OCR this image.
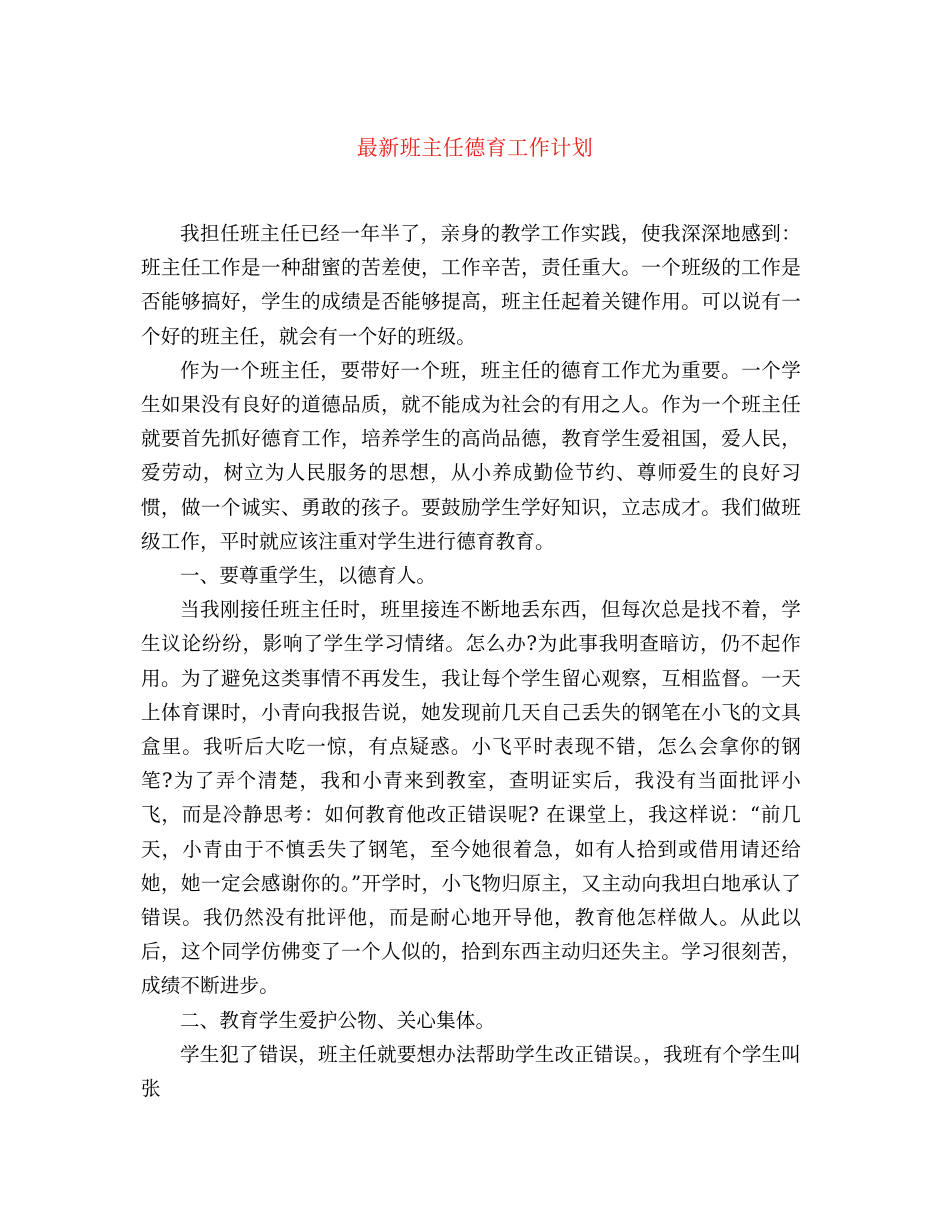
最新班主任德育工作计划

我担任班主任已经一年半了，亲身的教学工作实践，使我深深地感到：班主任工作是一种甜蜜的苦差使，工作辛苦，责任重大。一个班级的工作是否能够搞好，学生的成绩是否能够提高，班主任起着关键作用。可以说有一个好的班主任，就会有一个好的班级。

作为一个班主任，要带好一个班，班主任的德育工作尤为重要。一个学生如果没有良好的道德品质，就不能成为社会的有用之人。作为一个班主任就要首先抓好德育工作，培养学生的高尚品德，教育学生爱祖国，爱人民，爱劳动，树立为人民服务的思想，从小养成勤俭节约、尊师爱生的良好习惯，做一个诚实、勇敢的孩子。要鼓励学生学好知识，立志成才。我们做班级工作，平时就应该注重对学生进行德育教育。

一、要尊重学生，以德育人。

当我刚接任班主任时，班里接连不断地丢东西，但每次总是找不着，学生议论纷纷，影响了学生学习情绪。怎么办?为此事我明查暗访，仍不起作用。为了避免这类事情不再发生，我让每个学生留心观察，互相监督。一天上体育课时，小青向我报告说，她发现前几天自己丢失的钢笔在小飞的文具盒里。我听后大吃一惊，有点疑惑。小飞平时表现不错，怎么会拿你的钢笔?为了弄个清楚，我和小青来到教室，查明证实后，我没有当面批评小飞，而是冷静思考：如何教育他改正错误呢? 在课堂上，我这样说：“前几天，小青由于不慎丢失了钢笔，至今她很着急，如有人拾到或借用请还给她，她一定会感谢你的。”开学时，小飞物归原主，又主动向我坦白地承认了错误。我仍然没有批评他，而是耐心地开导他，教育他怎样做人。从此以后，这个同学仿佛变了一个人似的，拾到东西主动归还失主。学习很刻苦，成绩不断进步。

二、教育学生爱护公物、关心集体。

学生犯了错误，班主任就要想办法帮助学生改正错误。，我班有个学生叫张
